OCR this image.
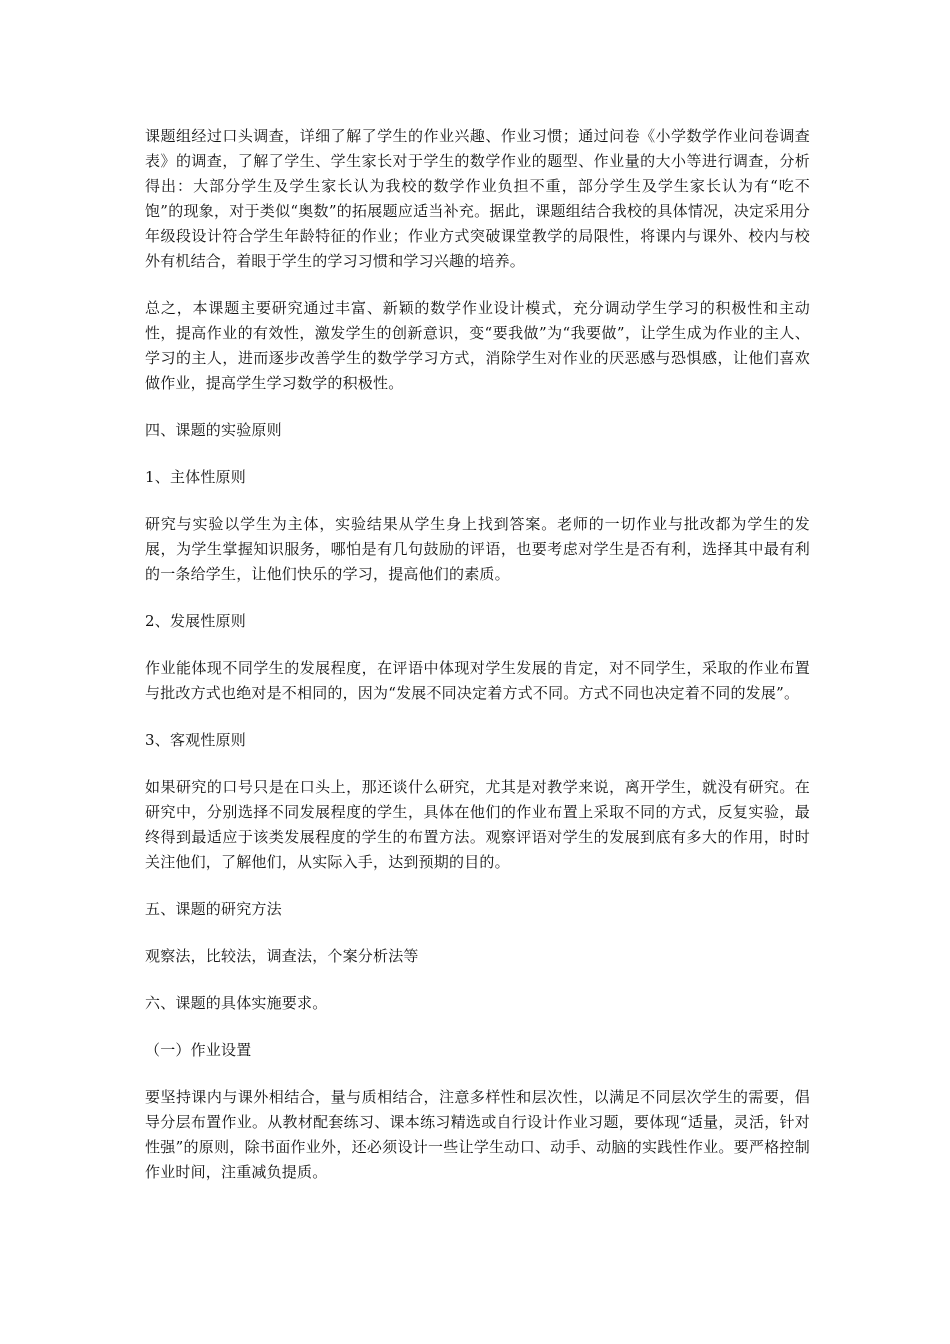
课题组经过口头调查，详细了解了学生的作业兴趣、作业习惯；通过问卷《小学数学作业问卷调查表》的调查，了解了学生、学生家长对于学生的数学作业的题型、作业量的大小等进行调查，分析得出：大部分学生及学生家长认为我校的数学作业负担不重，部分学生及学生家长认为有“吃不饱”的现象，对于类似“奥数”的拓展题应适当补充。据此，课题组结合我校的具体情况，决定采用分年级段设计符合学生年龄特征的作业；作业方式突破课堂教学的局限性，将课内与课外、校内与校外有机结合，着眼于学生的学习习惯和学习兴趣的培养。

总之，本课题主要研究通过丰富、新颖的数学作业设计模式，充分调动学生学习的积极性和主动性，提高作业的有效性，激发学生的创新意识，变“要我做”为“我要做”，让学生成为作业的主人、学习的主人，进而逐步改善学生的数学学习方式，消除学生对作业的厌恶感与恐惧感，让他们喜欢做作业，提高学生学习数学的积极性。

四、课题的实验原则

1、主体性原则

研究与实验以学生为主体，实验结果从学生身上找到答案。老师的一切作业与批改都为学生的发展，为学生掌握知识服务，哪怕是有几句鼓励的评语，也要考虑对学生是否有利，选择其中最有利的一条给学生，让他们快乐的学习，提高他们的素质。

2、发展性原则

作业能体现不同学生的发展程度，在评语中体现对学生发展的肯定，对不同学生，采取的作业布置与批改方式也绝对是不相同的，因为“发展不同决定着方式不同。方式不同也决定着不同的发展”。

3、客观性原则

如果研究的口号只是在口头上，那还谈什么研究，尤其是对教学来说，离开学生，就没有研究。在研究中，分别选择不同发展程度的学生，具体在他们的作业布置上采取不同的方式，反复实验，最终得到最适应于该类发展程度的学生的布置方法。观察评语对学生的发展到底有多大的作用，时时关注他们，了解他们，从实际入手，达到预期的目的。

五、课题的研究方法

观察法，比较法，调查法，个案分析法等

六、课题的具体实施要求。

（一）作业设置

要坚持课内与课外相结合，量与质相结合，注意多样性和层次性，以满足不同层次学生的需要，倡导分层布置作业。从教材配套练习、课本练习精选或自行设计作业习题，要体现“适量，灵活，针对性强”的原则，除书面作业外，还必须设计一些让学生动口、动手、动脑的实践性作业。要严格控制作业时间，注重减负提质。
